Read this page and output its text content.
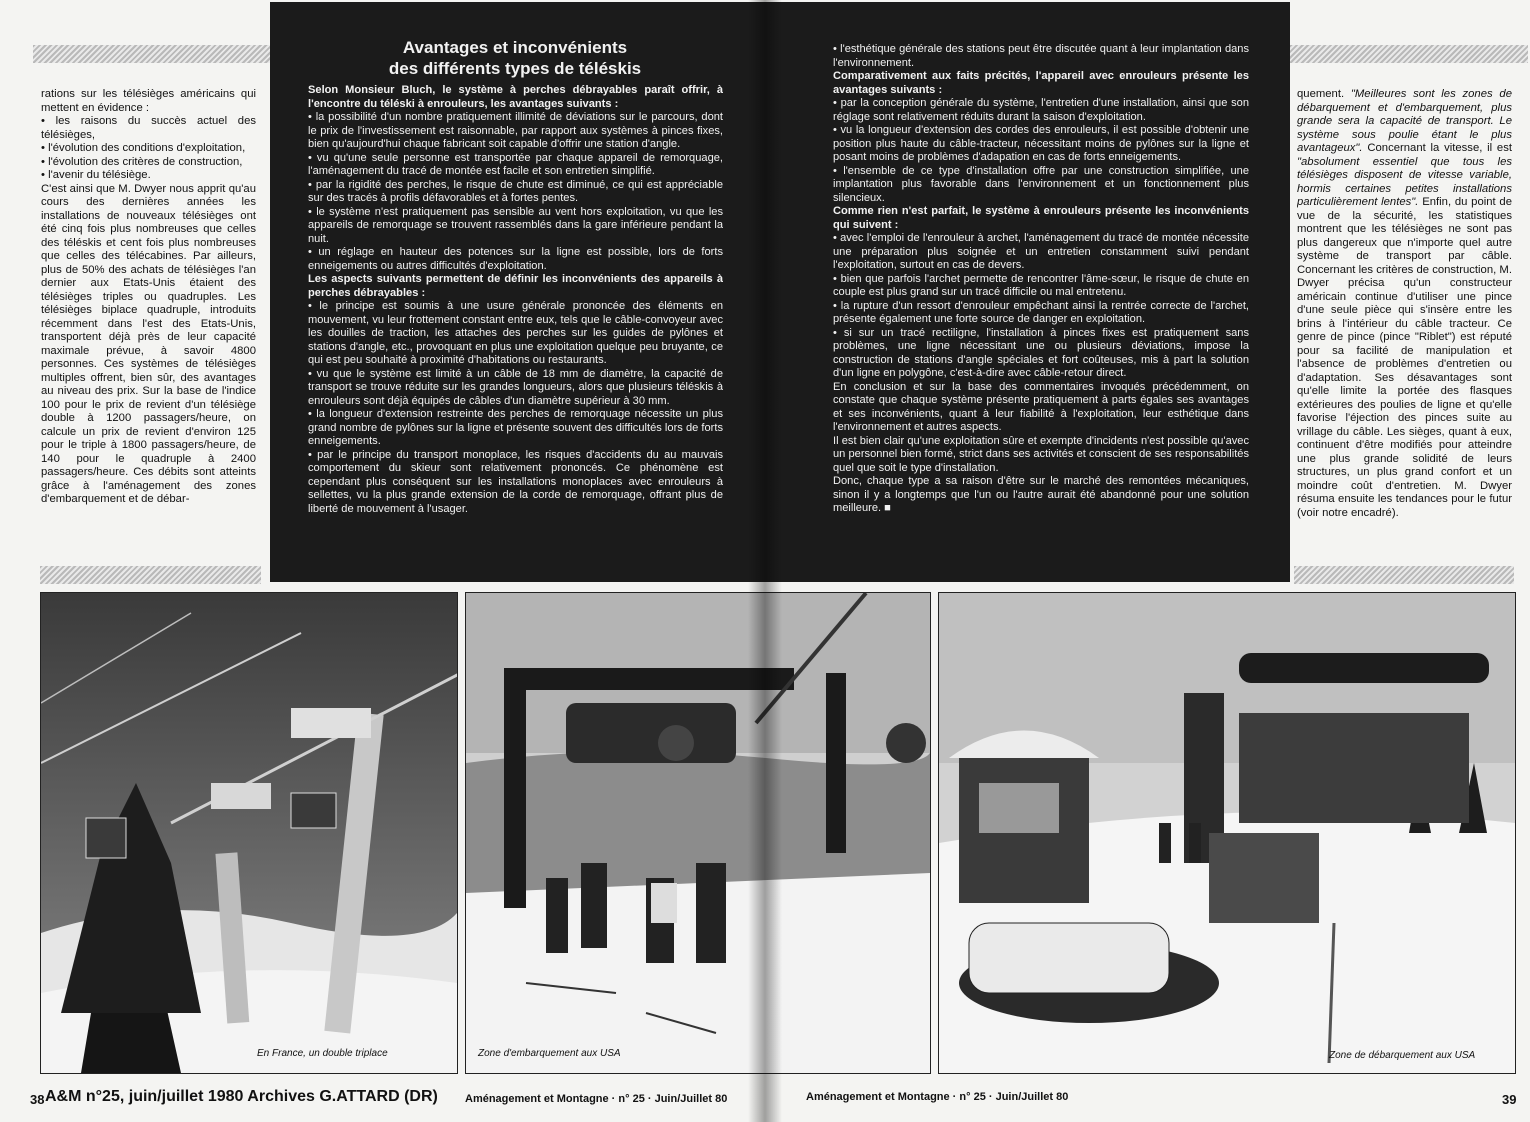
rations sur les télésièges américains qui mettent en évidence :

• les raisons du succès actuel des télésièges,

• l'évolution des conditions d'exploitation,

• l'évolution des critères de construction,

• l'avenir du télésiège.

C'est ainsi que M. Dwyer nous apprit qu'au cours des dernières années les installations de nouveaux télésièges ont été cinq fois plus nombreuses que celles des téléskis et cent fois plus nombreuses que celles des télécabines. Par ailleurs, plus de 50% des achats de télésièges l'an dernier aux Etats-Unis étaient des télésièges triples ou quadruples. Les télésièges biplace quadruple, introduits récemment dans l'est des Etats-Unis, transportent déjà près de leur capacité maximale prévue, à savoir 4800 personnes. Ces systèmes de télésièges multiples offrent, bien sûr, des avantages au niveau des prix. Sur la base de l'indice 100 pour le prix de revient d'un télésiège double à 1200 passagers/heure, on calcule un prix de revient d'environ 125 pour le triple à 1800 passagers/heure, de 140 pour le quadruple à 2400 passagers/heure. Ces débits sont atteints grâce à l'aménagement des zones d'embarquement et de débar-

Avantages et inconvénients
des différents types de téléskis

Selon Monsieur Bluch, le système à perches débrayables paraît offrir, à l'encontre du téléski à enrouleurs, les avantages suivants :

• la possibilité d'un nombre pratiquement illimité de déviations sur le parcours, dont le prix de l'investissement est raisonnable, par rapport aux systèmes à pinces fixes, bien qu'aujourd'hui chaque fabricant soit capable d'offrir une station d'angle.

• vu qu'une seule personne est transportée par chaque appareil de remorquage, l'aménagement du tracé de montée est facile et son entretien simplifié.

• par la rigidité des perches, le risque de chute est diminué, ce qui est appréciable sur des tracés à profils défavorables et à fortes pentes.

• le système n'est pratiquement pas sensible au vent hors exploitation, vu que les appareils de remorquage se trouvent rassemblés dans la gare inférieure pendant la nuit.

• un réglage en hauteur des potences sur la ligne est possible, lors de forts enneigements ou autres difficultés d'exploitation.

Les aspects suivants permettent de définir les inconvénients des appareils à perches débrayables :

• le principe est soumis à une usure générale prononcée des éléments en mouvement, vu leur frottement constant entre eux, tels que le câble-convoyeur avec les douilles de traction, les attaches des perches sur les guides de pylônes et stations d'angle, etc., provoquant en plus une exploitation quelque peu bruyante, ce qui est peu souhaité à proximité d'habitations ou restaurants.

• vu que le système est limité à un câble de 18 mm de diamètre, la capacité de transport se trouve réduite sur les grandes longueurs, alors que plusieurs téléskis à enrouleurs sont déjà équipés de câbles d'un diamètre supérieur à 30 mm.

• la longueur d'extension restreinte des perches de remorquage nécessite un plus grand nombre de pylônes sur la ligne et présente souvent des difficultés lors de forts enneigements.

• par le principe du transport monoplace, les risques d'accidents du au mauvais comportement du skieur sont relativement prononcés. Ce phénomène est cependant plus conséquent sur les installations monoplaces avec enrouleurs à sellettes, vu la plus grande extension de la corde de remorquage, offrant plus de liberté de mouvement à l'usager.

• l'esthétique générale des stations peut être discutée quant à leur implantation dans l'environnement.

Comparativement aux faits précités, l'appareil avec enrouleurs présente les avantages suivants :

• par la conception générale du système, l'entretien d'une installation, ainsi que son réglage sont relativement réduits durant la saison d'exploitation.

• vu la longueur d'extension des cordes des enrouleurs, il est possible d'obtenir une position plus haute du câble-tracteur, nécessitant moins de pylônes sur la ligne et posant moins de problèmes d'adapation en cas de forts enneigements.

• l'ensemble de ce type d'installation offre par une construction simplifiée, une implantation plus favorable dans l'environnement et un fonctionnement plus silencieux.

Comme rien n'est parfait, le système à enrouleurs présente les inconvénients qui suivent :

• avec l'emploi de l'enrouleur à archet, l'aménagement du tracé de montée nécessite une préparation plus soignée et un entretien constamment suivi pendant l'exploitation, surtout en cas de devers.

• bien que parfois l'archet permette de rencontrer l'âme-sœur, le risque de chute en couple est plus grand sur un tracé difficile ou mal entretenu.

• la rupture d'un ressort d'enrouleur empêchant ainsi la rentrée correcte de l'archet, présente également une forte source de danger en exploitation.

• si sur un tracé rectiligne, l'installation à pinces fixes est pratiquement sans problèmes, une ligne nécessitant une ou plusieurs déviations, impose la construction de stations d'angle spéciales et fort coûteuses, mis à part la solution d'un ligne en polygône, c'est-à-dire avec câble-retour direct.

En conclusion et sur la base des commentaires invoqués précédemment, on constate que chaque système présente pratiquement à parts égales ses avantages et ses inconvénients, quant à leur fiabilité à l'exploitation, leur esthétique dans l'environnement et autres aspects.

Il est bien clair qu'une exploitation sûre et exempte d'incidents n'est possible qu'avec un personnel bien formé, strict dans ses activités et conscient de ses responsabilités quel que soit le type d'installation.

Donc, chaque type a sa raison d'être sur le marché des remontées mécaniques, sinon il y a longtemps que l'un ou l'autre aurait été abandonné pour une solution meilleure. ■

quement. "Meilleures sont les zones de débarquement et d'embarquement, plus grande sera la capacité de transport. Le système sous poulie étant le plus avantageux". Concernant la vitesse, il est "absolument essentiel que tous les télésièges disposent de vitesse variable, hormis certaines petites installations particulièrement lentes". Enfin, du point de vue de la sécurité, les statistiques montrent que les télésièges ne sont pas plus dangereux que n'importe quel autre système de transport par câble. Concernant les critères de construction, M. Dwyer précisa qu'un constructeur américain continue d'utiliser une pince d'une seule pièce qui s'insère entre les brins à l'intérieur du câble tracteur. Ce genre de pince (pince "Riblet") est réputé pour sa facilité de manipulation et l'absence de problèmes d'entretien ou d'adaptation. Ses désavantages sont qu'elle limite la portée des flasques extérieures des poulies de ligne et qu'elle favorise l'éjection des pinces suite au vrillage du câble. Les sièges, quant à eux, continuent d'être modifiés pour atteindre une plus grande solidité de leurs structures, un plus grand confort et un moindre coût d'entretien. M. Dwyer résuma ensuite les tendances pour le futur (voir notre encadré).

En France, un double triplace	Zone d'embarquement aux USA	Zone de débarquement aux USA
38 A&M n°25, juin/juillet 1980 Archives G.ATTARD (DR) Aménagement et Montagne · n° 25 · Juin/Juillet 80	Aménagement et Montagne · n° 25 · Juin/Juillet 80	39
